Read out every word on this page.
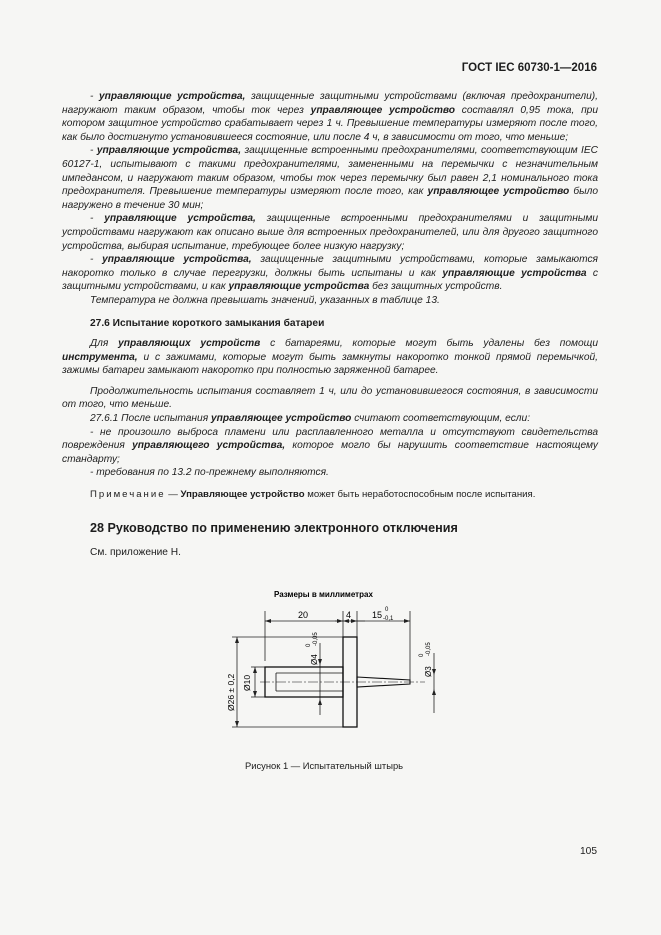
ГОСТ IEC 60730-1—2016

- управляющие устройства, защищенные защитными устройствами (включая предохранители), нагружают таким образом, чтобы ток через управляющее устройство составлял 0,95 тока, при котором защитное устройство срабатывает через 1 ч. Превышение температуры измеряют после того, как было достигнуто установившееся состояние, или после 4 ч, в зависимости от того, что меньше;

- управляющие устройства, защищенные встроенными предохранителями, соответствующим IEC 60127-1, испытывают с такими предохранителями, замененными на перемычки с незначительным импедансом, и нагружают таким образом, чтобы ток через перемычку был равен 2,1 номинального тока предохранителя. Превышение температуры измеряют после того, как управляющее устройство было нагружено в течение 30 мин;

- управляющие устройства, защищенные встроенными предохранителями и защитными устройствами нагружают как описано выше для встроенных предохранителей, или для другого защитного устройства, выбирая испытание, требующее более низкую нагрузку;

- управляющие устройства, защищенные защитными устройствами, которые замыкаются накоротко только в случае перегрузки, должны быть испытаны и как управляющие устройства с защитными устройствами, и как управляющие устройства без защитных устройств.

Температура не должна превышать значений, указанных в таблице 13.

27.6 Испытание короткого замыкания батареи

Для управляющих устройств с батареями, которые могут быть удалены без помощи инструмента, и с зажимами, которые могут быть замкнуты накоротко тонкой прямой перемычкой, зажимы батареи замыкают накоротко при полностью заряженной батарее.

Продолжительность испытания составляет 1 ч, или до установившегося состояния, в зависимости от того, что меньше.

27.6.1 После испытания управляющее устройство считают соответствующим, если:

- не произошло выброса пламени или расплавленного металла и отсутствуют свидетельства повреждения управляющего устройства, которое могло бы нарушить соответствие настоящему стандарту;

- требования по 13.2 по-прежнему выполняются.

Примечание — Управляющее устройство может быть неработоспособным после испытания.

28 Руководство по применению электронного отключения
См. приложение H.
Размеры в миллиметрах
20	4 15 0
-0,1
Ø26 ± 0,2 Ø10
Ø4
0 -0,05
Ø3
0 -0,05
Рисунок 1 — Испытательный штырь
105
